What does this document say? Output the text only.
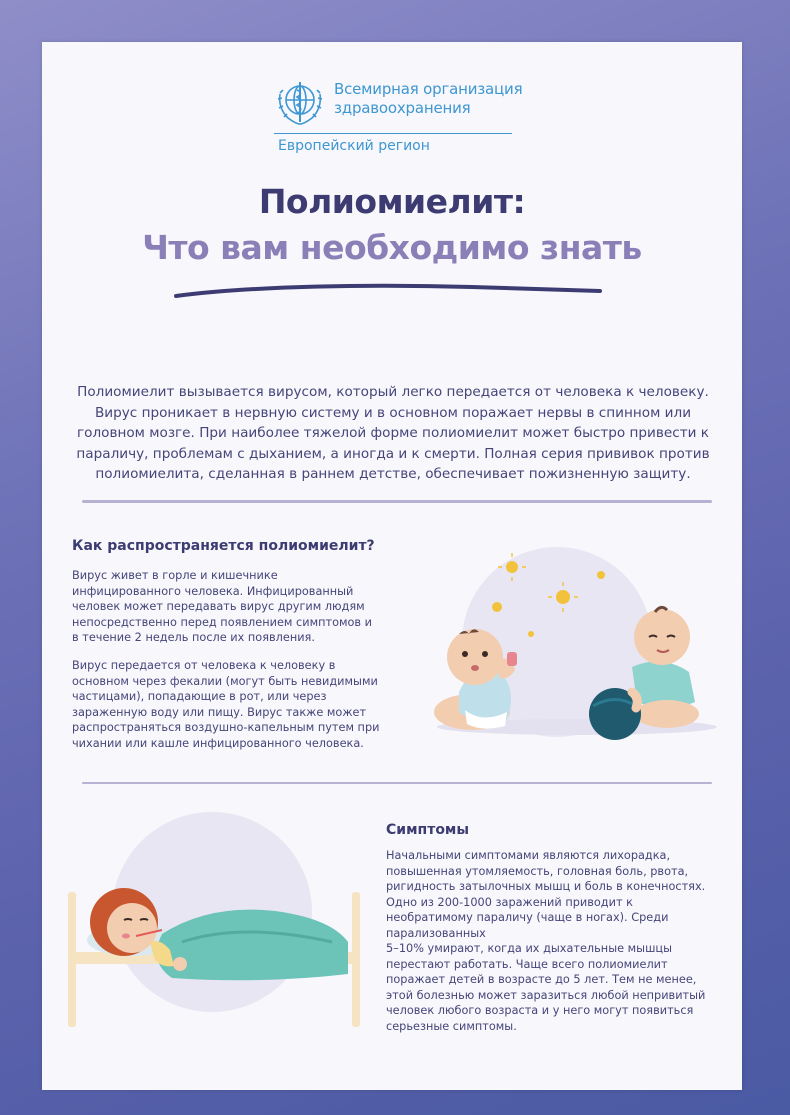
Всемирная организация
здравоохранения
Европейский регион
Полиомиелит:
Что вам необходимо знать
Полиомиелит вызывается вирусом, который легко передается от человека к человеку. Вирус проникает в нервную систему и в основном поражает нервы в спинном или головном мозге. При наиболее тяжелой форме полиомиелит может быстро привести к параличу, проблемам с дыханием, а иногда и к смерти. Полная серия прививок против полиомиелита, сделанная в раннем детстве, обеспечивает пожизненную защиту.
Как распространяется полиомиелит?
Вирус живет в горле и кишечнике инфицированного человека. Инфицированный человек может передавать вирус другим людям непосредственно перед появлением симптомов и в течение 2 недель после их появления.
Вирус передается от человека к человеку в основном через фекалии (могут быть невидимыми частицами), попадающие в рот, или через зараженную воду или пищу. Вирус также может распространяться воздушно-капельным путем при чихании или кашле инфицированного человека.
Симптомы
Начальными симптомами являются лихорадка, повышенная утомляемость, головная боль, рвота, ригидность затылочных мышц и боль в конечностях. Одно из 200-1000 заражений приводит к необратимому параличу (чаще в ногах). Среди парализованных
5–10% умирают, когда их дыхательные мышцы перестают работать. Чаще всего полиомиелит поражает детей в возрасте до 5 лет. Тем не менее, этой болезнью может заразиться любой непривитый человек любого возраста и у него могут появиться серьезные симптомы.
